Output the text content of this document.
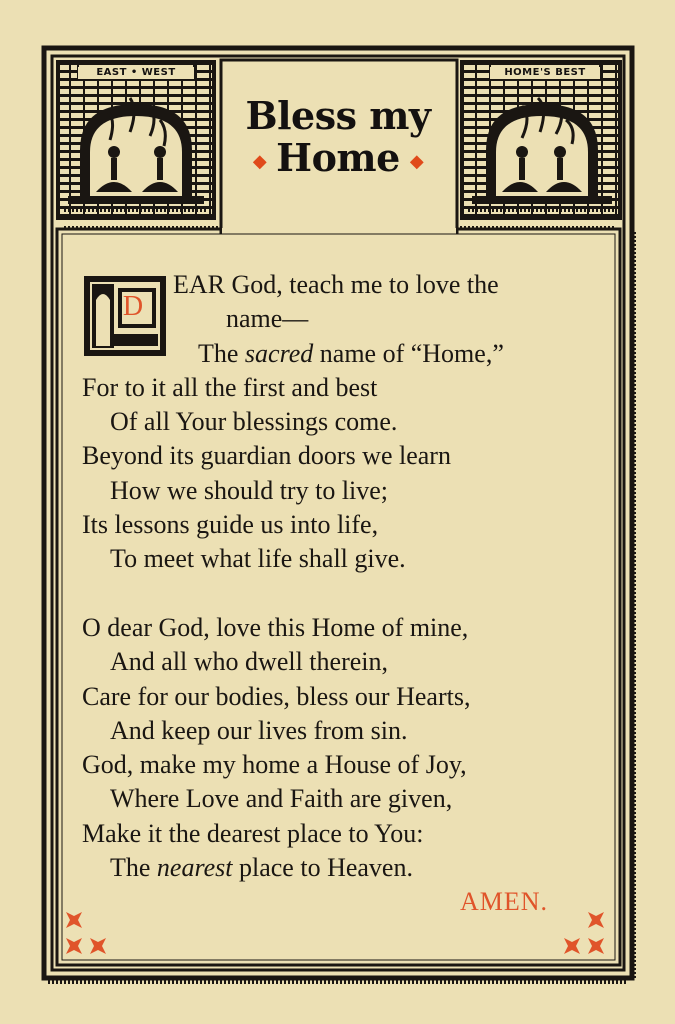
EAST • WEST	HOME'S BEST
Bless my
◆ Home ◆
D
EAR God, teach me to love the
name—
The sacred name of “Home,”
For to it all the first and best
Of all Your blessings come.
Beyond its guardian doors we learn
How we should try to live;
Its lessons guide us into life,
To meet what life shall give.
O dear God, love this Home of mine,
And all who dwell therein,
Care for our bodies, bless our Hearts,
And keep our lives from sin.
God, make my home a House of Joy,
Where Love and Faith are given,
Make it the dearest place to You:
The nearest place to Heaven.
AMEN.
